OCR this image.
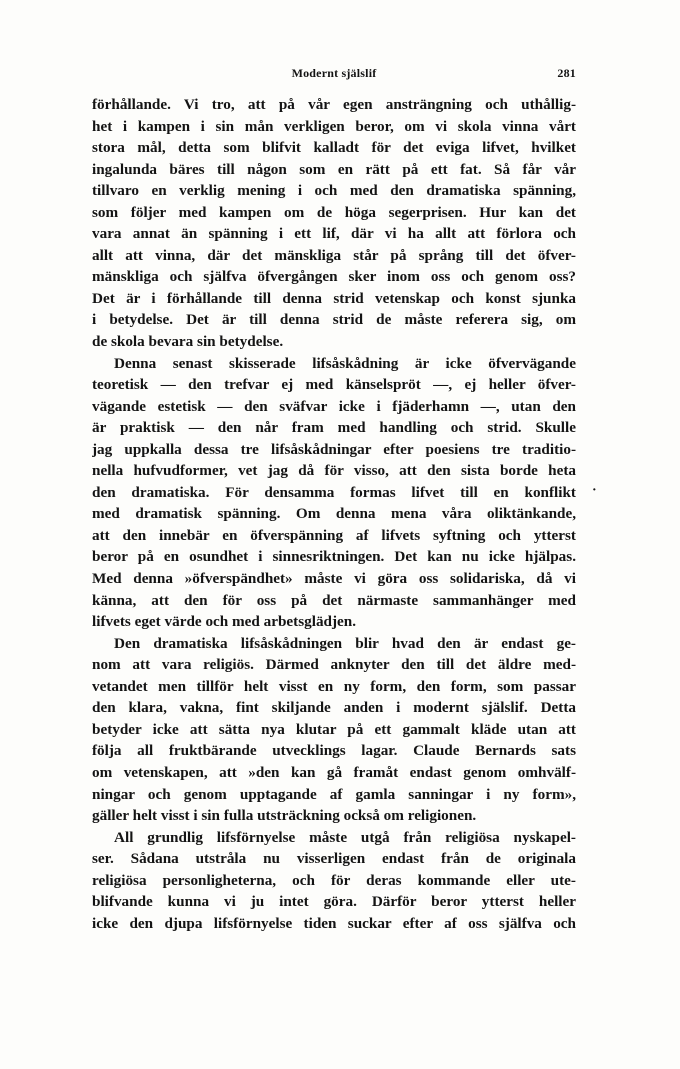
Modernt själslif	281
förhållande. Vi tro, att på vår egen ansträngning och uthållig-
het i kampen i sin mån verkligen beror, om vi skola vinna vårt
stora mål, detta som blifvit kalladt för det eviga lifvet, hvilket
ingalunda bäres till någon som en rätt på ett fat. Så får vår
tillvaro en verklig mening i och med den dramatiska spänning,
som följer med kampen om de höga segerprisen. Hur kan det
vara annat än spänning i ett lif, där vi ha allt att förlora och
allt att vinna, där det mänskliga står på språng till det öfver-
mänskliga och själfva öfvergången sker inom oss och genom oss?
Det är i förhållande till denna strid vetenskap och konst sjunka
i betydelse. Det är till denna strid de måste referera sig, om
de skola bevara sin betydelse.
Denna senast skisserade lifsåskådning är icke öfvervägande
teoretisk — den trefvar ej med känselspröt —, ej heller öfver-
vägande estetisk — den sväfvar icke i fjäderhamn —, utan den
är praktisk — den når fram med handling och strid. Skulle
jag uppkalla dessa tre lifsåskådningar efter poesiens tre traditio-
nella hufvudformer, vet jag då för visso, att den sista borde heta
den dramatiska. För densamma formas lifvet till en konflikt
med dramatisk spänning. Om denna mena våra oliktänkande,
att den innebär en öfverspänning af lifvets syftning och ytterst
beror på en osundhet i sinnesriktningen. Det kan nu icke hjälpas.
Med denna »öfverspändhet» måste vi göra oss solidariska, då vi
känna, att den för oss på det närmaste sammanhänger med
lifvets eget värde och med arbetsglädjen.
Den dramatiska lifsåskådningen blir hvad den är endast ge-
nom att vara religiös. Därmed anknyter den till det äldre med-
vetandet men tillför helt visst en ny form, den form, som passar
den klara, vakna, fint skiljande anden i modernt själslif. Detta
betyder icke att sätta nya klutar på ett gammalt kläde utan att
följa all fruktbärande utvecklings lagar. Claude Bernards sats
om vetenskapen, att »den kan gå framåt endast genom omhvälf-
ningar och genom upptagande af gamla sanningar i ny form»,
gäller helt visst i sin fulla utsträckning också om religionen.
All grundlig lifsförnyelse måste utgå från religiösa nyskapel-
ser. Sådana utstråla nu visserligen endast från de originala
religiösa personligheterna, och för deras kommande eller ute-
blifvande kunna vi ju intet göra. Därför beror ytterst heller
icke den djupa lifsförnyelse tiden suckar efter af oss själfva och
·
